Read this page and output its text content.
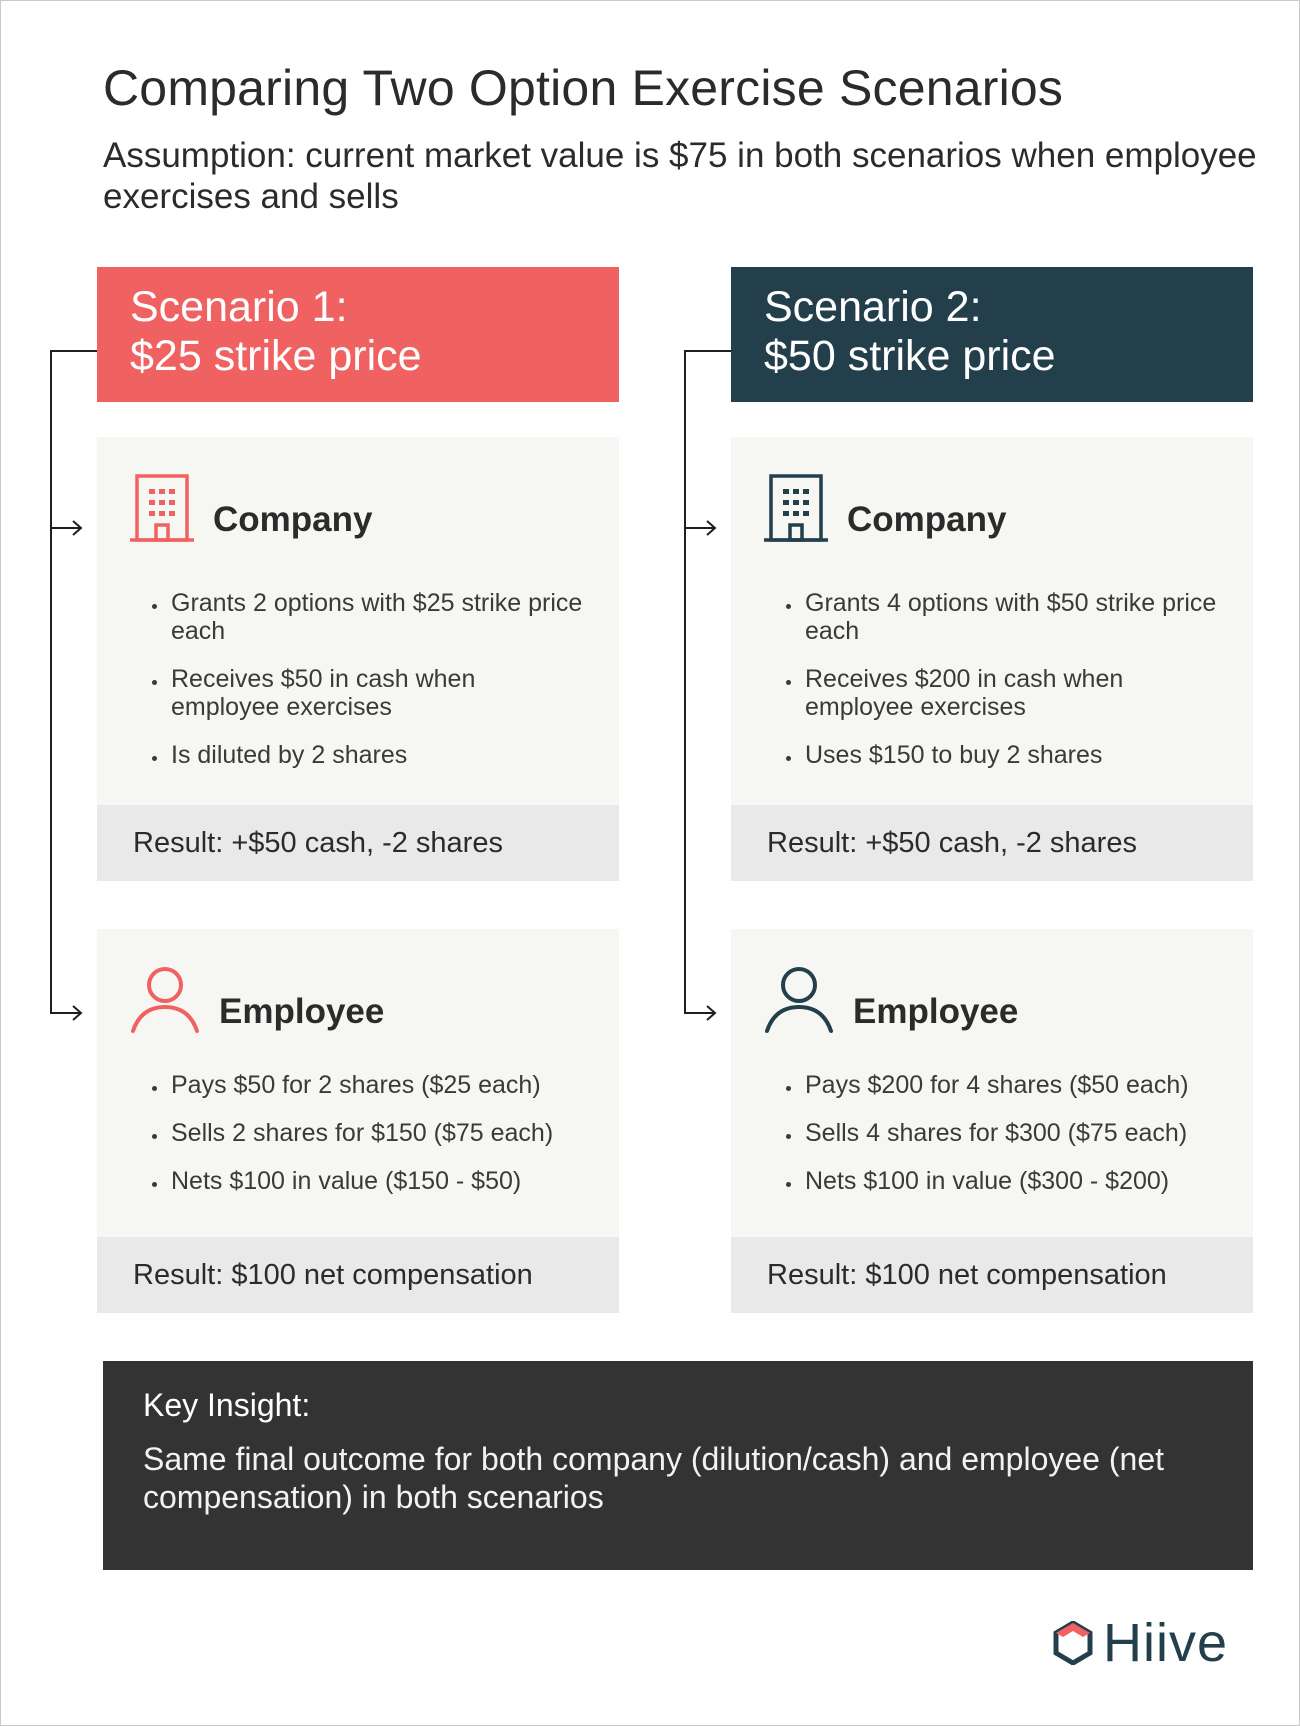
Comparing Two Option Exercise Scenarios
Assumption: current market value is $75 in both scenarios when employee exercises and sells
Scenario 1:
$25 strike price
Scenario 2:
$50 strike price
Company
• Grants 2 options with $25 strike price each
• Receives $50 in cash when employee exercises
• Is diluted by 2 shares
Result: +$50 cash, -2 shares
Company
• Grants 4 options with $50 strike price each
• Receives $200 in cash when employee exercises
• Uses $150 to buy 2 shares
Result: +$50 cash, -2 shares
Employee
• Pays $50 for 2 shares ($25 each)
• Sells 2 shares for $150 ($75 each)
• Nets $100 in value ($150 - $50)
Result: $100 net compensation
Employee
• Pays $200 for 4 shares ($50 each)
• Sells 4 shares for $300 ($75 each)
• Nets $100 in value ($300 - $200)
Result: $100 net compensation
Key Insight:
Same final outcome for both company (dilution/cash) and employee (net compensation) in both scenarios
Hiive
